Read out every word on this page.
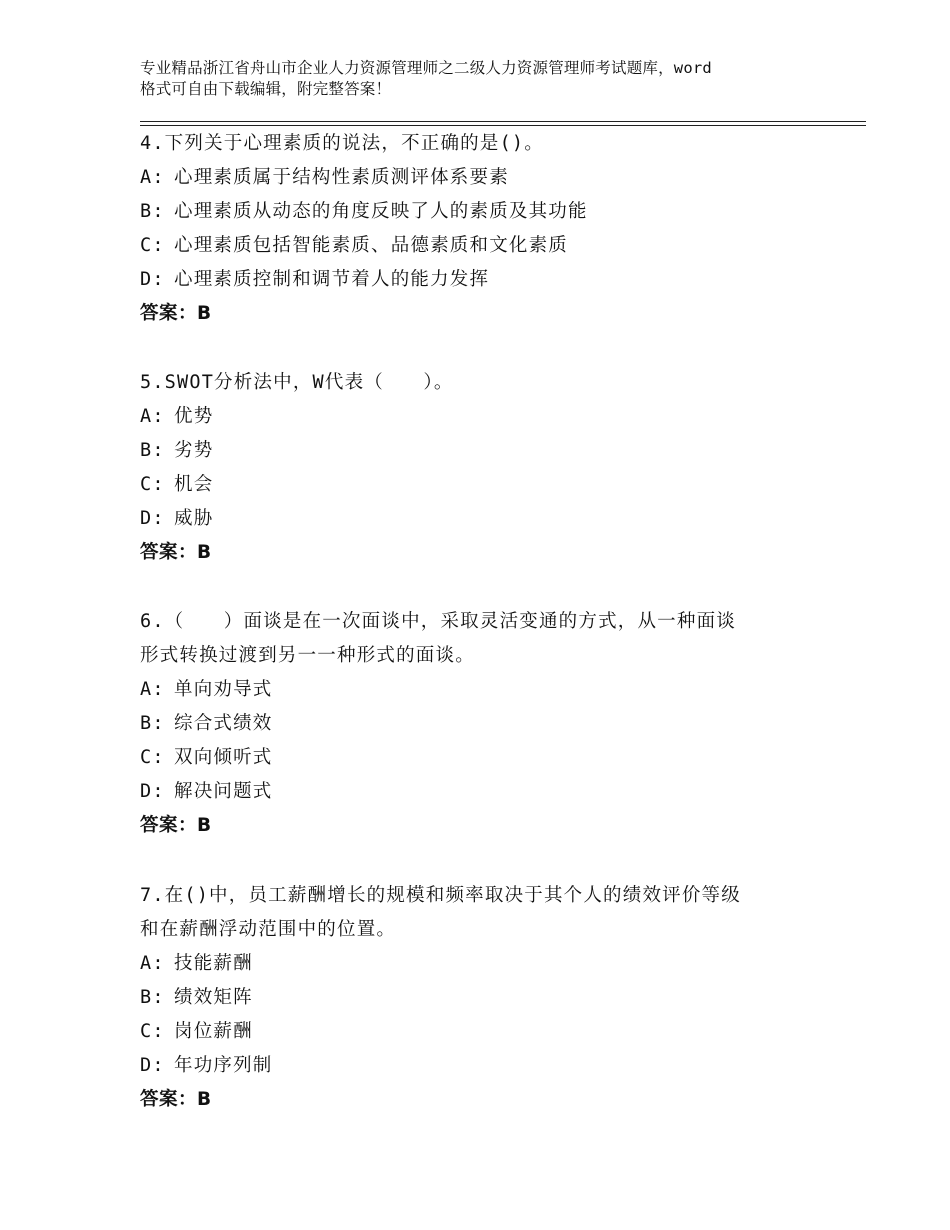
专业精品浙江省舟山市企业人力资源管理师之二级人力资源管理师考试题库，word
格式可自由下载编辑，附完整答案！
4.下列关于心理素质的说法，不正确的是()。
A: 心理素质属于结构性素质测评体系要素
B: 心理素质从动态的角度反映了人的素质及其功能
C: 心理素质包括智能素质、品德素质和文化素质
D: 心理素质控制和调节着人的能力发挥
答案：B
5.SWOT分析法中，W代表（　　）。
A: 优势
B: 劣势
C: 机会
D: 威胁
答案：B
6.（　　）面谈是在一次面谈中，采取灵活变通的方式，从一种面谈
形式转换过渡到另一一种形式的面谈。
A: 单向劝导式
B: 综合式绩效
C: 双向倾听式
D: 解决问题式
答案：B
7.在()中，员工薪酬增长的规模和频率取决于其个人的绩效评价等级
和在薪酬浮动范围中的位置。
A: 技能薪酬
B: 绩效矩阵
C: 岗位薪酬
D: 年功序列制
答案：B
